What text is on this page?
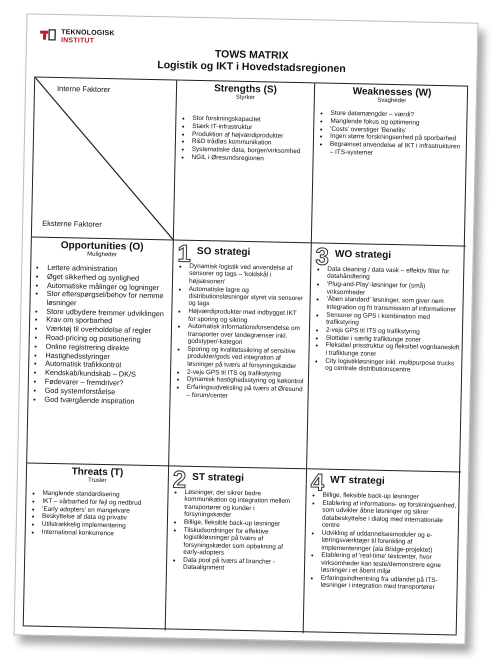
TEKNOLOGISK
INSTITUT
TOWS MATRIX
Logistik og IKT i Hovedstadsregionen
Interne Faktorer
Eksterne Faktorer
Strengths (S)
Styrker
• Stor forskningskapacitet
• Stærk IT-infrastruktur
• Produktion af højværdiprodukter
• R&D trådløs kommunikation
• Systematiske data, borger/virksomhed
• NGIL i Øresundsregionen
Weaknesses (W)
Svagheder
• Store datamængder – værdi?
• Manglende fokus og optimering
• 'Costs' overstiger 'Benefits'
• Ingen større forskningsenhed på sporbarhed
• Begrænset anvendelse af IKT i infrastrukturen – ITS-systemer
Opportunities (O)
Muligheder
• Lettere administration
• Øget sikkerhed og synlighed
• Automatiske målinger og logninger
• Stor efterspørgsel/behov for nemme løsninger
• Store udbydere fremmer udviklingen
• Krav om sporbarhed
• Værktøj til overholdelse af regler
• Road-pricing og positionering
• Online registrering direkte
• Hastighedsstyringer
• Automatisk trafikkontrol
• Kendskab/kundskab – DK/S
• Fødevarer – fremdriver?
• God systemforståelse
• God tværgående inspiration
1 SO strategi
• Dynamisk logistik ved anvendelse af sensorer og tags – 'koldskål i højsæsonen'
• Automatiske lagre og distributionsløsninger styret via sensorer og tags
• Højværdiprodukter med indbygget IKT for sporing og sikring
• Automatisk informationsforsendelse om transporter over landegrænser inkl. godstyper/-kategori
• Sporing og kvalitetssikring af sensitive produkter/gods ved integration af løsninger på tværs af forsyningskæder
• 2-vejs GPS til ITS og trafikstyring
• Dynamisk hastighedsstyring og køkontrol
• Erfaringsudveksling på tværs af Øresund – forum/center
3 WO strategi
• Data cleaning / data vask – effektiv filter for datahåndtering
• 'Plug-and-Play'-løsninger for (små) virksomheder
• 'Åben standard' løsninger, som giver nem integration og fri transmission af informationer
• Sensorer og GPS i kombination med trafikstyring
• 2-vejs GPS til ITS og trafikstyring
• Slottider i særlig trafiktunge zoner
• Fleksibel prisstruktur og fleksibel vognbaneskift i trafiktunge zoner
• City logistikløsninger inkl. multipurpose trucks og centrale distributionscentre
Threats (T)
Trusler
• Manglende standardisering
• IKT – sårbarhed for fejl og nedbrud
• 'Early adopters' en mangelvare
• Beskyttelse af data og privativ
• Utilstrækkelig implementering
• International konkurrence
2 ST strategi
• Løsninger, der sikrer bedre kommunikation og integration mellem transportører og kunder i forsyningskæder
• Billige, fleksible back-up løsninger
• Tilskudsordninger for effektive logistikløsninger på tværs af forsyningskæder som opbakning af early-adopters
• Data pool på tværs af brancher - Dataalignment
4 WT strategi
• Billige, fleksible back-up løsninger
• Etablering af informations- og forskningsenhed, som udvikler åbne løsninger og sikrer databeskyttelse i dialog med internationale centre
• Udvikling af uddannelsesmoduler og e-læringsværktøjer til forenkling af implementeringer (ala Bridge-projektet)
• Etablering af 'real-time' testcenter, hvor virksomheder kan teste/demonstrere egne løsninger i et åbent miljø
• Erfaringsindhentning fra udlandet på ITS-løsninger i integration med transportører
